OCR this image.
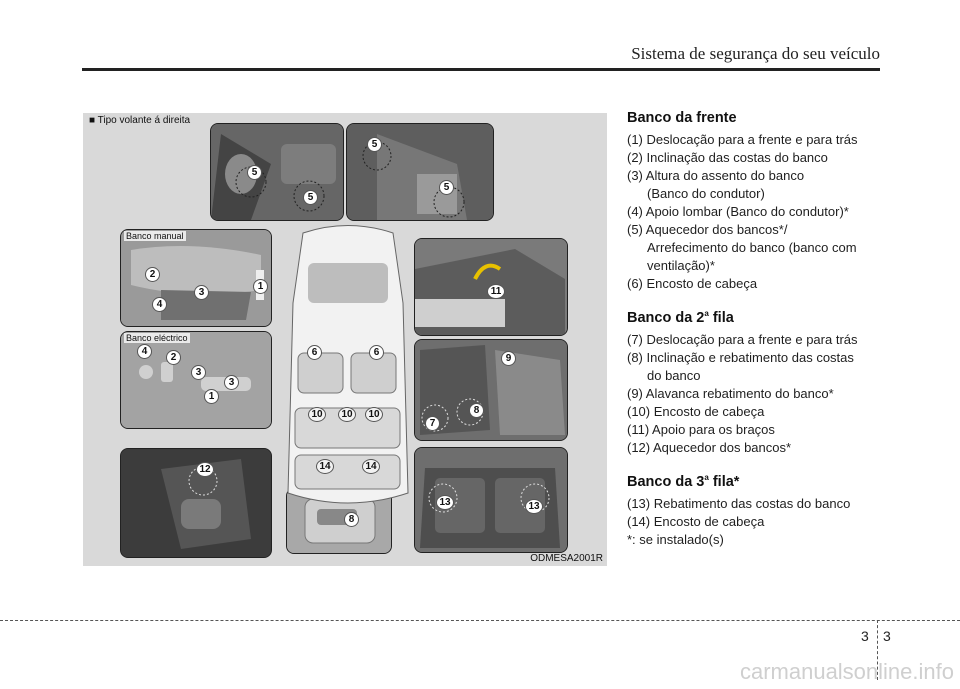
Sistema de segurança do seu veículo
■ Tipo volante á direita
Banco manual
Banco eléctrico
5
5
5
5
2
3
4
1
4
2
3
3
1
6	6
10	10	10
14	14
11
9
7
8
13	13
12
8
ODMESA2001R
Banco da frente
(1) Deslocação para a frente e para trás
(2) Inclinação das costas do banco
(3) Altura do assento do banco
(Banco do condutor)
(4) Apoio lombar (Banco do condutor)*
(5) Aquecedor dos bancos*/
Arrefecimento do banco (banco com
ventilação)*
(6) Encosto de cabeça
Banco da 2$^a$ fila
(7) Deslocação para a frente e para trás
(8) Inclinação e rebatimento das costas
do banco
(9) Alavanca rebatimento do banco*
(10) Encosto de cabeça
(11) Apoio para os braços
(12) Aquecedor dos bancos*
Banco da 3$^a$ fila*
(13) Rebatimento das costas do banco
(14) Encosto de cabeça
*: se instalado(s)
3 3
carmanualsonline.info
